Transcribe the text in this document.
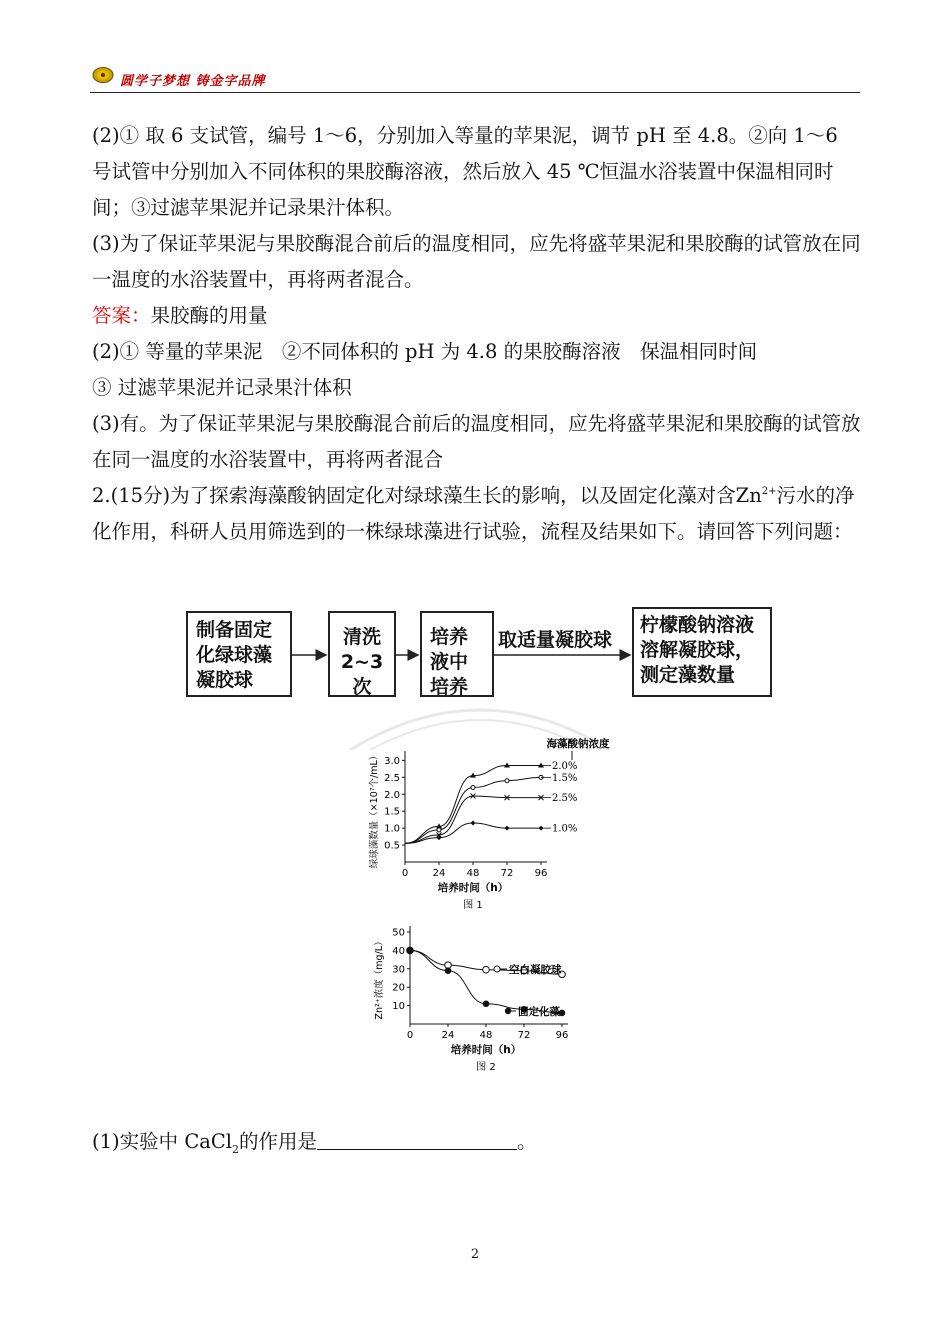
圆学子梦想 铸金字品牌

(2)① 取 6 支试管，编号 1～6，分别加入等量的苹果泥，调节 pH 至 4.8。②向 1～6 号试管中分别加入不同体积的果胶酶溶液，然后放入 45 ℃恒温水浴装置中保温相同时间；③过滤苹果泥并记录果汁体积。

(3)为了保证苹果泥与果胶酶混合前后的温度相同，应先将盛苹果泥和果胶酶的试管放在同一温度的水浴装置中，再将两者混合。

答案：果胶酶的用量

(2)① 等量的苹果泥　②不同体积的 pH 为 4.8 的果胶酶溶液　保温相同时间

③ 过滤苹果泥并记录果汁体积

(3)有。为了保证苹果泥与果胶酶混合前后的温度相同，应先将盛苹果泥和果胶酶的试管放在同一温度的水浴装置中，再将两者混合

2.(15分)为了探索海藻酸钠固定化对绿球藻生长的影响，以及固定化藻对含$Zn^{2+}$污水的净化作用，科研人员用筛选到的一株绿球藻进行试验，流程及结果如下。请回答下列问题：

制备固定化绿球藻凝胶球
清洗2~3次
培养液中培养
柠檬酸钠溶液溶解凝胶球，测定藻数量
取适量凝胶球
海藻酸钠浓度
0 24 48 72 96
0.5
1.0
1.5
2.0
2.5
3.0
培养时间（h）
图 1
绿球藻数量（×10⁷个/mL）	2.0%
1.5%
2.5%
1.0%
0	24	48	72	96
10
20
30
40
50
培养时间（h）
图 2
Zn²⁺浓度（mg/L）	空白凝胶球
固定化藻
(1)实验中 CaCl$_2$的作用是	。
2
